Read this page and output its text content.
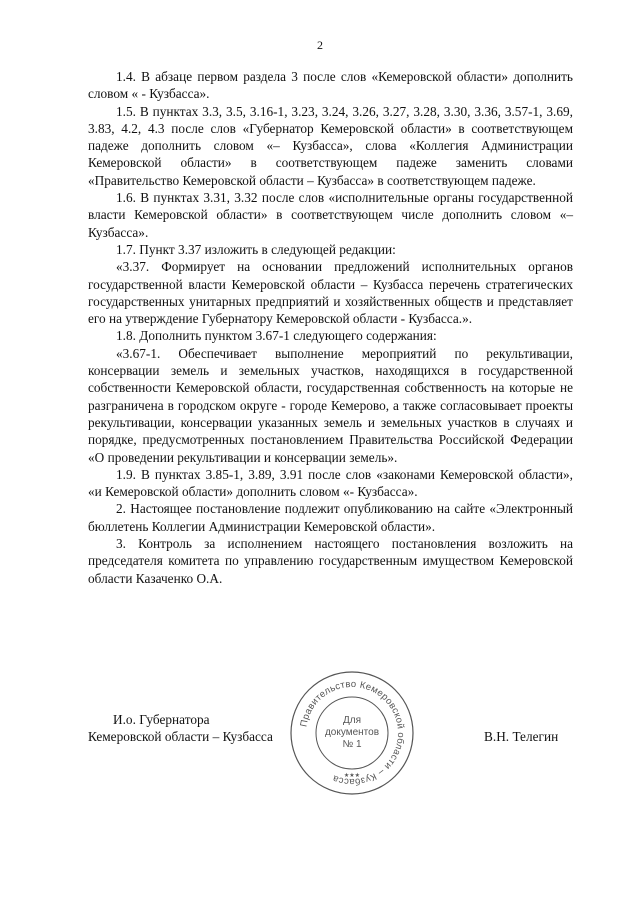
2

1.4. В абзаце первом раздела 3 после слов «Кемеровской области» дополнить словом « - Кузбасса».

1.5. В пунктах 3.3, 3.5, 3.16-1, 3.23, 3.24, 3.26, 3.27, 3.28, 3.30, 3.36, 3.57-1, 3.69, 3.83, 4.2, 4.3 после слов «Губернатор Кемеровской области» в соответствующем падеже дополнить словом «– Кузбасса», слова «Коллегия Администрации Кемеровской области» в соответствующем падеже заменить словами «Правительство Кемеровской области – Кузбасса» в соответствующем падеже.

1.6. В пунктах 3.31, 3.32 после слов «исполнительные органы государственной власти Кемеровской области» в соответствующем числе дополнить словом «– Кузбасса».

1.7. Пункт 3.37 изложить в следующей редакции:

«3.37. Формирует на основании предложений исполнительных органов государственной власти Кемеровской области – Кузбасса перечень стратегических государственных унитарных предприятий и хозяйственных обществ и представляет его на утверждение Губернатору Кемеровской области - Кузбасса.».

1.8. Дополнить пунктом 3.67-1 следующего содержания:

«3.67-1. Обеспечивает выполнение мероприятий по рекультивации, консервации земель и земельных участков, находящихся в государственной собственности Кемеровской области, государственная собственность на которые не разграничена в городском округе - городе Кемерово, а также согласовывает проекты рекультивации, консервации указанных земель и земельных участков в случаях и порядке, предусмотренных постановлением Правительства Российской Федерации «О проведении рекультивации и консервации земель».

1.9. В пунктах 3.85-1, 3.89, 3.91 после слов «законами Кемеровской области», «и Кемеровской области» дополнить словом «- Кузбасса».

2. Настоящее постановление подлежит опубликованию на сайте «Электронный бюллетень Коллегии Администрации Кемеровской области».

3. Контроль за исполнением настоящего постановления возложить на председателя комитета по управлению государственным имуществом Кемеровской области Казаченко О.А.

И.о. Губернатора
Кемеровской области – Кузбасса	В.Н. Телегин
Правительство Кемеровской области – Кузбасса
Для
документов
№ 1
★★★
